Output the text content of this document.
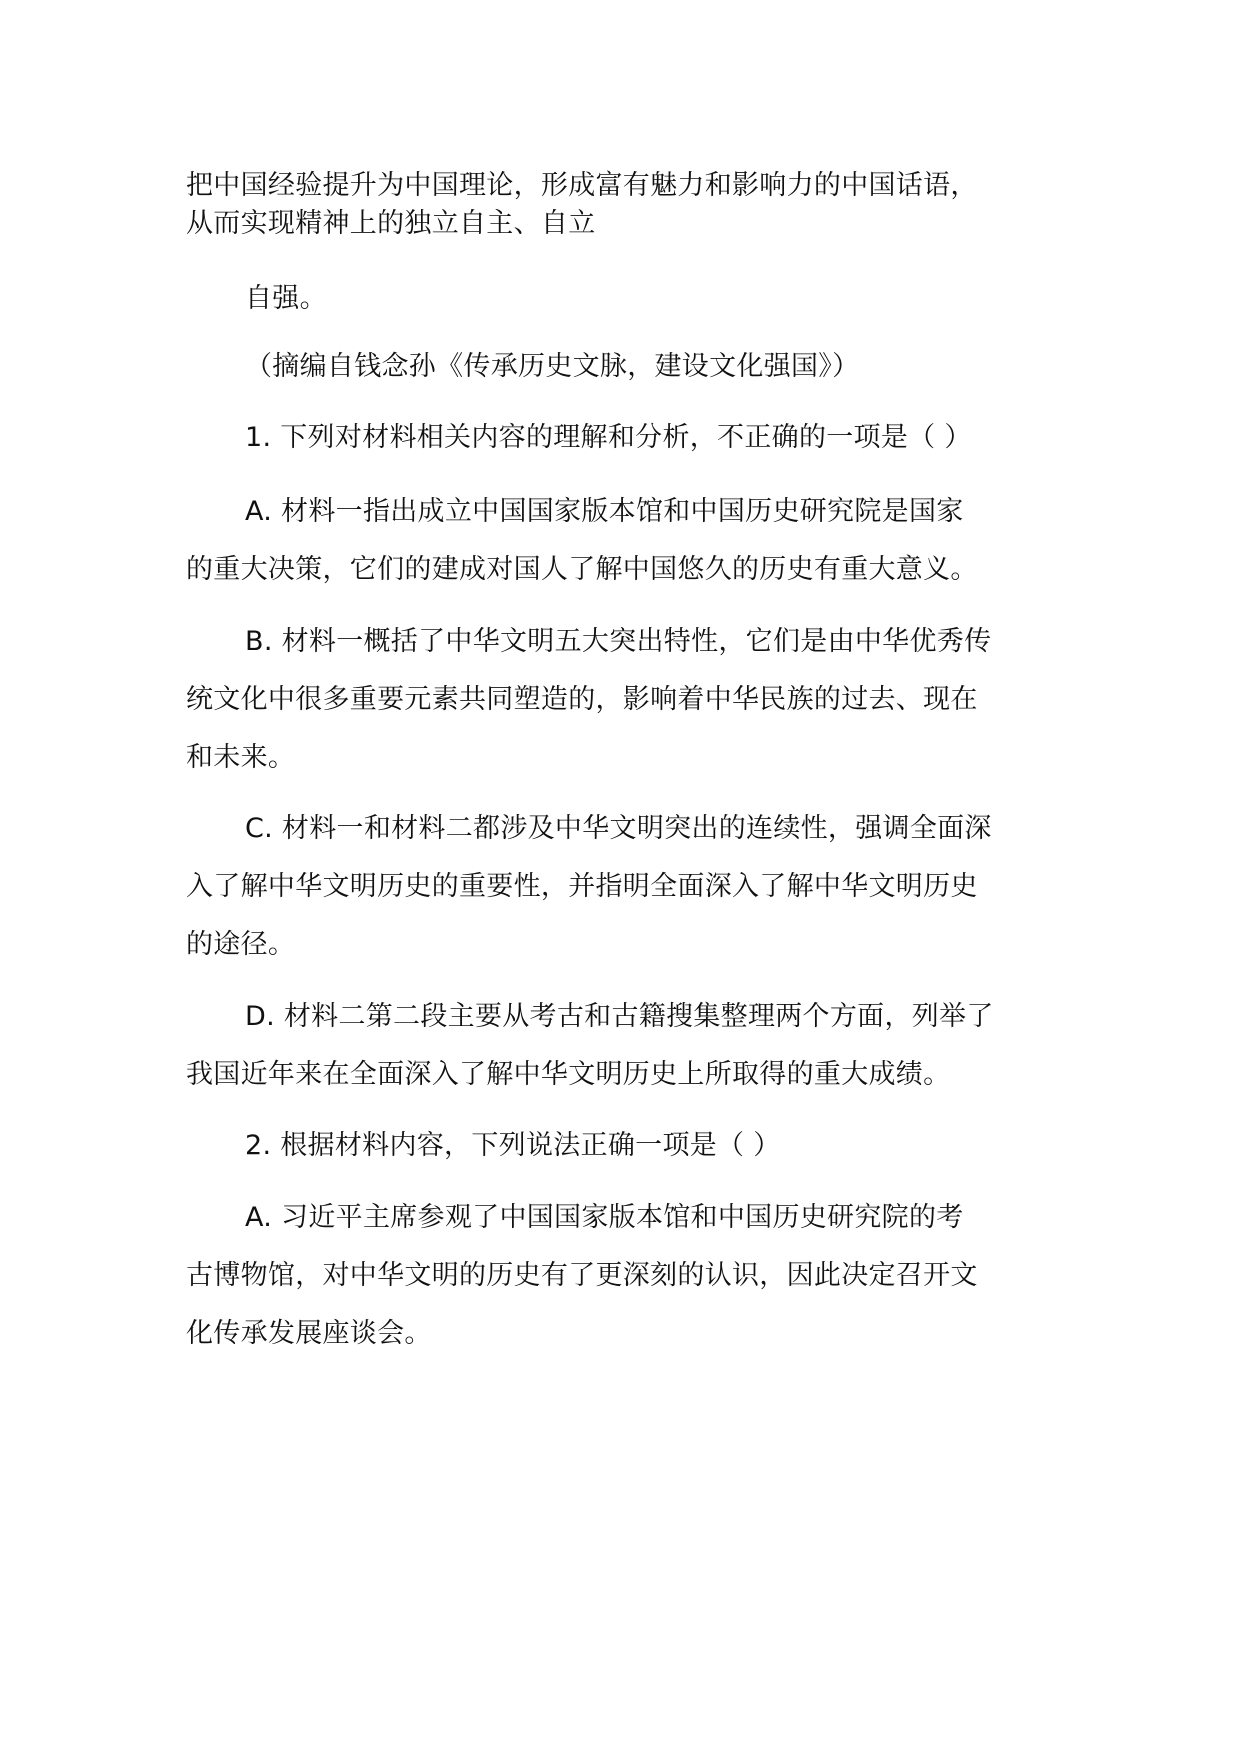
把中国经验提升为中国理论，形成富有魅力和影响力的中国话语，
从而实现精神上的独立自主、自立
自强。
（摘编自钱念孙《传承历史文脉，建设文化强国》）
1. 下列对材料相关内容的理解和分析，不正确的一项是（ ）
A. 材料一指出成立中国国家版本馆和中国历史研究院是国家
的重大决策，它们的建成对国人了解中国悠久的历史有重大意义。
B. 材料一概括了中华文明五大突出特性，它们是由中华优秀传
统文化中很多重要元素共同塑造的，影响着中华民族的过去、现在
和未来。
C. 材料一和材料二都涉及中华文明突出的连续性，强调全面深
入了解中华文明历史的重要性，并指明全面深入了解中华文明历史
的途径。
D. 材料二第二段主要从考古和古籍搜集整理两个方面，列举了
我国近年来在全面深入了解中华文明历史上所取得的重大成绩。
2. 根据材料内容，下列说法正确一项是（ ）
A. 习近平主席参观了中国国家版本馆和中国历史研究院的考
古博物馆，对中华文明的历史有了更深刻的认识，因此决定召开文
化传承发展座谈会。
